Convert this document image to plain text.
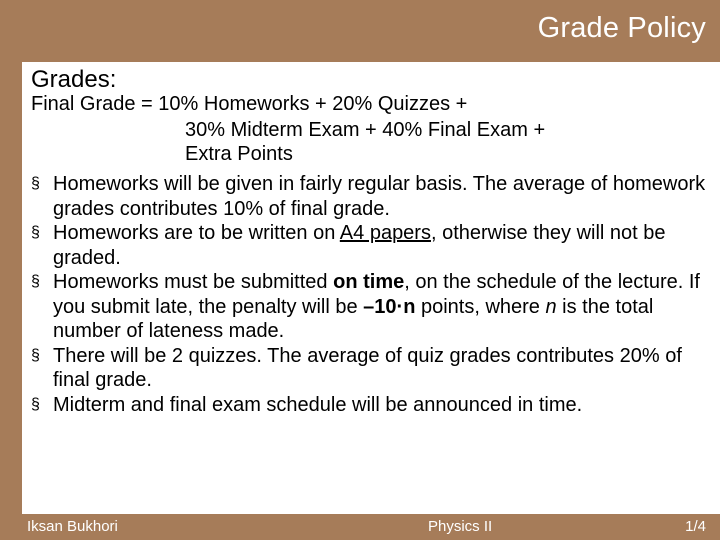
Grade Policy
Grades:
Final Grade = 10% Homeworks + 20% Quizzes +
30% Midterm Exam + 40% Final Exam +
Extra Points
§ Homeworks will be given in fairly regular basis. The average of homework grades contributes 10% of final grade.
§ Homeworks are to be written on A4 papers, otherwise they will not be graded.
§ Homeworks must be submitted on time, on the schedule of the lecture. If you submit late, the penalty will be –10·n points, where n is the total number of lateness made.
§ There will be 2 quizzes. The average of quiz grades contributes 20% of final grade.
§ Midterm and final exam schedule will be announced in time.
Iksan Bukhori	Physics II	1/4
